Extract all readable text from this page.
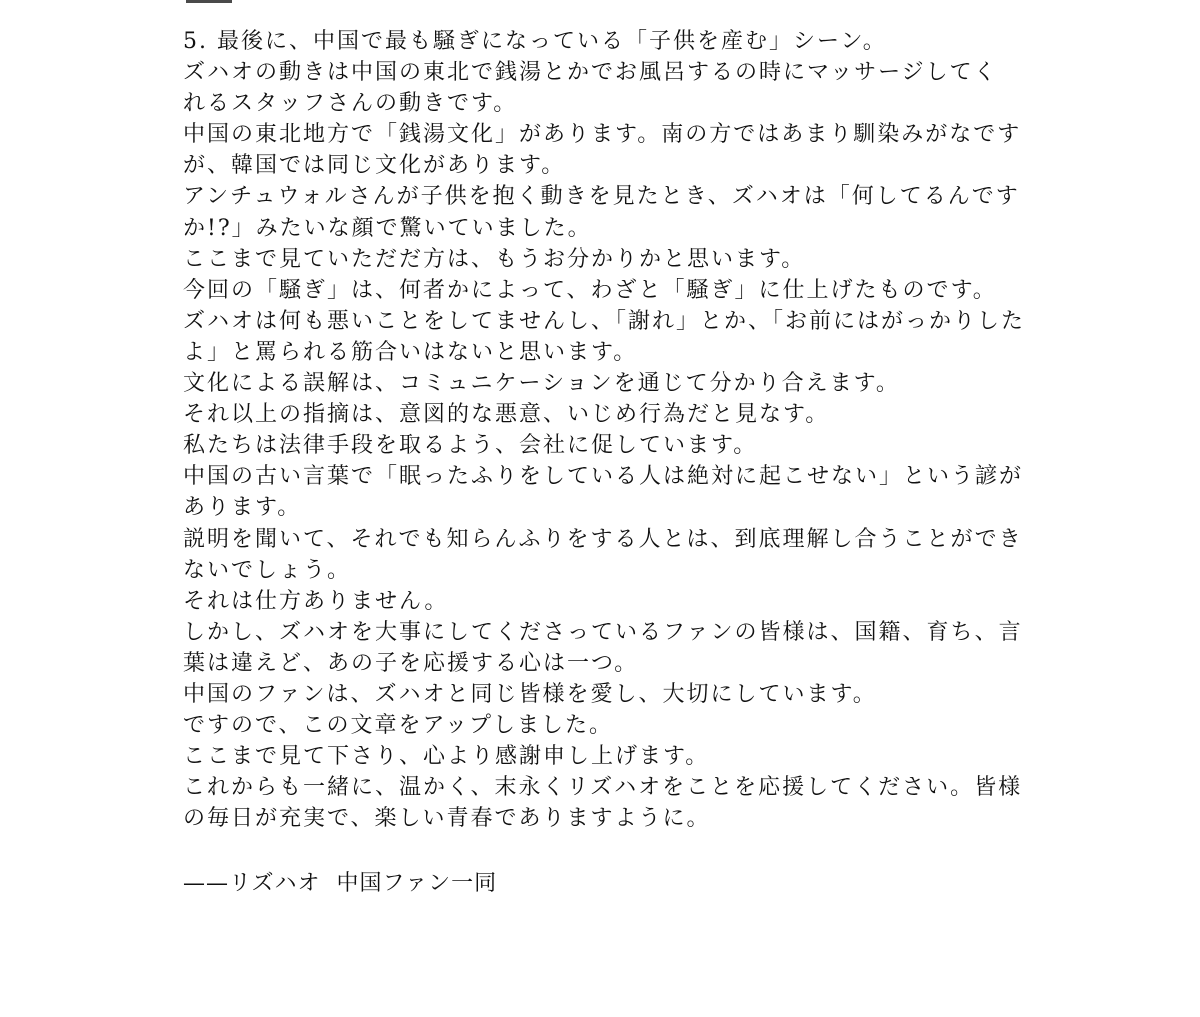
5. 最後に、中国で最も騒ぎになっている「子供を産む」シーン。
ズハオの動きは中国の東北で銭湯とかでお風呂するの時にマッサージしてく
れるスタッフさんの動きです。
中国の東北地方で「銭湯文化」があります。南の方ではあまり馴染みがなです
が、韓国では同じ文化があります。
アンチュウォルさんが子供を抱く動きを見たとき、ズハオは「何してるんです
か!?」みたいな顔で驚いていました。
ここまで見ていただだ方は、もうお分かりかと思います。
今回の「騒ぎ」は、何者かによって、わざと「騒ぎ」に仕上げたものです。
ズハオは何も悪いことをしてませんし、「謝れ」とか、「お前にはがっかりした
よ」と罵られる筋合いはないと思います。
文化による誤解は、コミュニケーションを通じて分かり合えます。
それ以上の指摘は、意図的な悪意、いじめ行為だと見なす。
私たちは法律手段を取るよう、会社に促しています。
中国の古い言葉で「眠ったふりをしている人は絶対に起こせない」という諺が
あります。
説明を聞いて、それでも知らんふりをする人とは、到底理解し合うことができ
ないでしょう。
それは仕方ありません。
しかし、ズハオを大事にしてくださっているファンの皆様は、国籍、育ち、言
葉は違えど、あの子を応援する心は一つ。
中国のファンは、ズハオと同じ皆様を愛し、大切にしています。
ですので、この文章をアップしました。
ここまで見て下さり、心より感謝申し上げます。
これからも一緒に、温かく、末永くリズハオをことを応援してください。皆様
の毎日が充実で、楽しい青春でありますように。
——リズハオ  中国ファン一同
